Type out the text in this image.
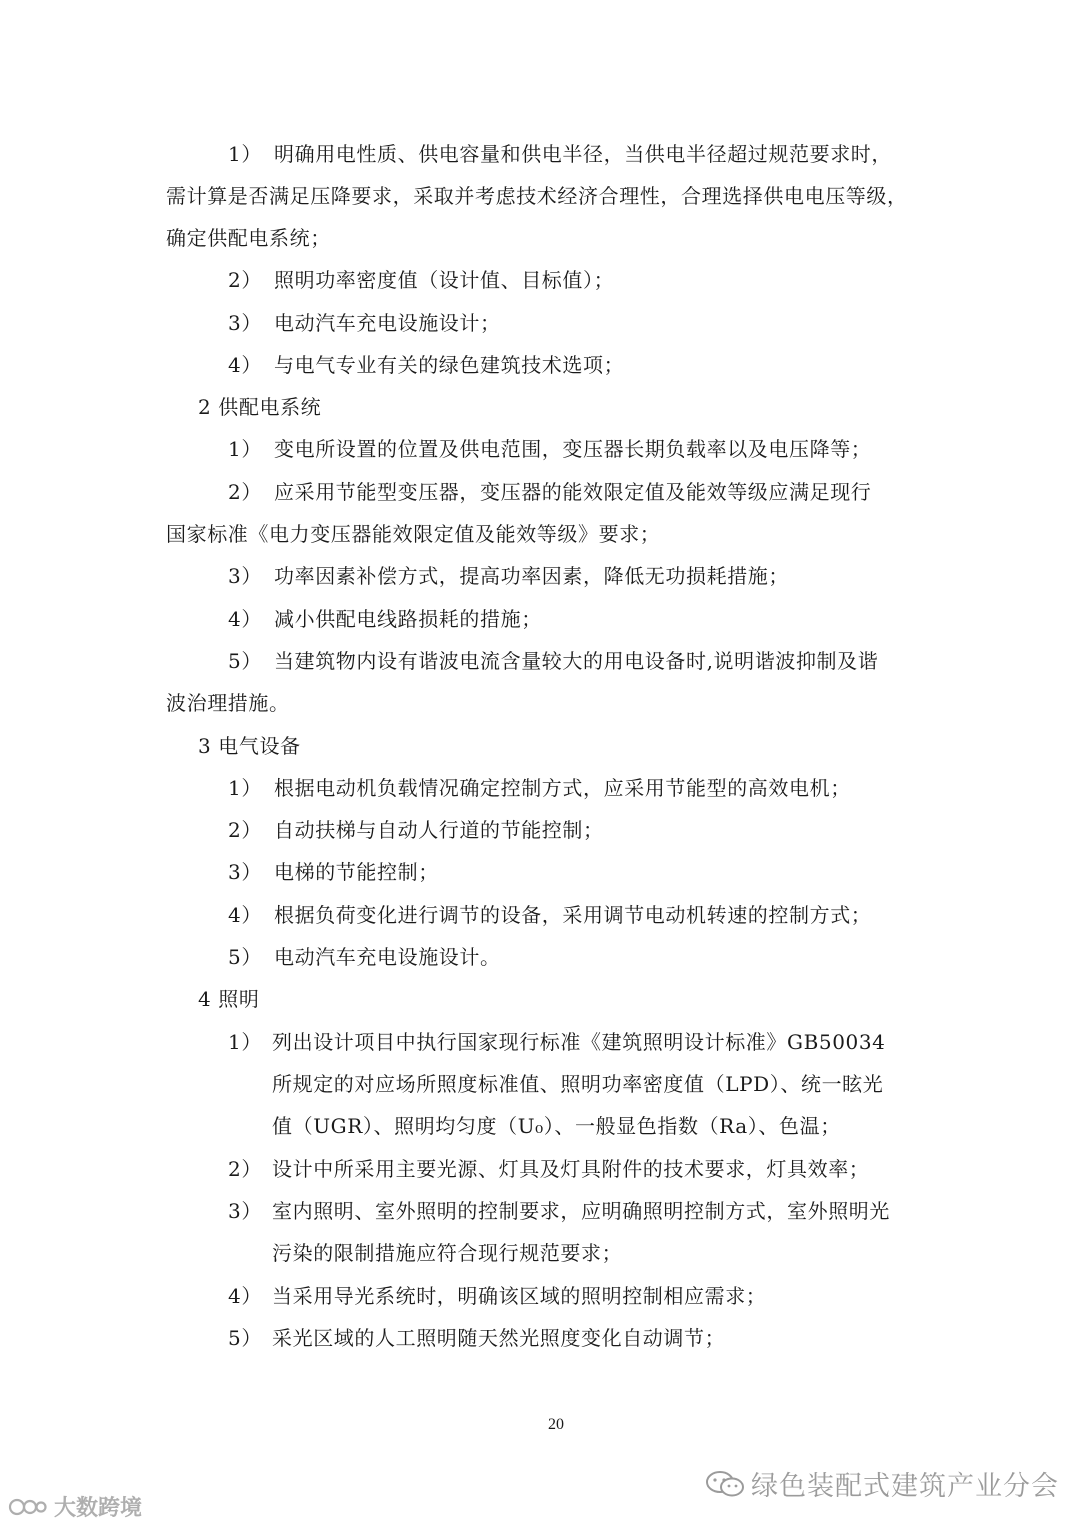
1） 明确用电性质、供电容量和供电半径，当供电半径超过规范要求时，
需计算是否满足压降要求，采取并考虑技术经济合理性，合理选择供电电压等级，
确定供配电系统；
2） 照明功率密度值（设计值、目标值）；
3） 电动汽车充电设施设计；
4） 与电气专业有关的绿色建筑技术选项；
2 供配电系统
1） 变电所设置的位置及供电范围，变压器长期负载率以及电压降等；
2） 应采用节能型变压器，变压器的能效限定值及能效等级应满足现行
国家标准《电力变压器能效限定值及能效等级》要求；
3） 功率因素补偿方式，提高功率因素，降低无功损耗措施；
4） 减小供配电线路损耗的措施；
5） 当建筑物内设有谐波电流含量较大的用电设备时,说明谐波抑制及谐
波治理措施。
3 电气设备
1） 根据电动机负载情况确定控制方式，应采用节能型的高效电机；
2） 自动扶梯与自动人行道的节能控制；
3） 电梯的节能控制；
4） 根据负荷变化进行调节的设备，采用调节电动机转速的控制方式；
5） 电动汽车充电设施设计。
4 照明
1） 列出设计项目中执行国家现行标准《建筑照明设计标准》GB50034
所规定的对应场所照度标准值、照明功率密度值（LPD）、统一眩光
值（UGR）、照明均匀度（U₀）、一般显色指数（Ra）、色温；
2） 设计中所采用主要光源、灯具及灯具附件的技术要求，灯具效率；
3） 室内照明、室外照明的控制要求，应明确照明控制方式，室外照明光
污染的限制措施应符合现行规范要求；
4） 当采用导光系统时，明确该区域的照明控制相应需求；
5） 采光区域的人工照明随天然光照度变化自动调节；
20
绿色装配式建筑产业分会
大数跨境
